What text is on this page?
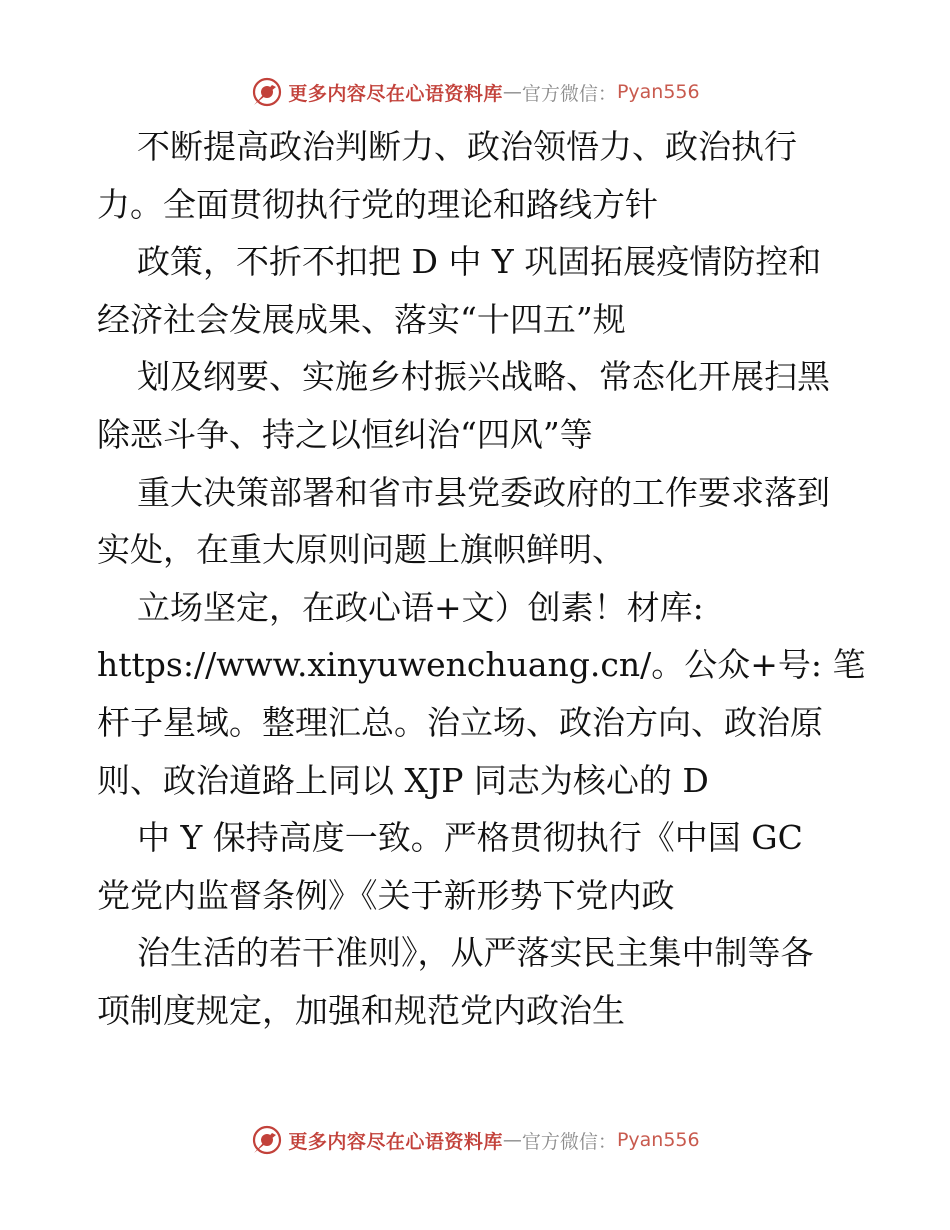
更多内容尽在心语资料库 — 官方微信： Pyan556
不断提高政治判断力、政治领悟力、政治执行
力。全面贯彻执行党的理论和路线方针
政策，不折不扣把 D 中 Y 巩固拓展疫情防控和
经济社会发展成果、落实“十四五”规
划及纲要、实施乡村振兴战略、常态化开展扫黑
除恶斗争、持之以恒纠治“四风”等
重大决策部署和省市县党委政府的工作要求落到
实处，在重大原则问题上旗帜鲜明、
立场坚定，在政心语+文）创素！材库:
https://www.xinyuwenchuang.cn/。公众+号: 笔
杆子星域。整理汇总。治立场、政治方向、政治原
则、政治道路上同以 XJP 同志为核心的 D
中 Y 保持高度一致。严格贯彻执行《中国 GC
党党内监督条例》《关于新形势下党内政
治生活的若干准则》，从严落实民主集中制等各
项制度规定，加强和规范党内政治生
更多内容尽在心语资料库 — 官方微信： Pyan556
